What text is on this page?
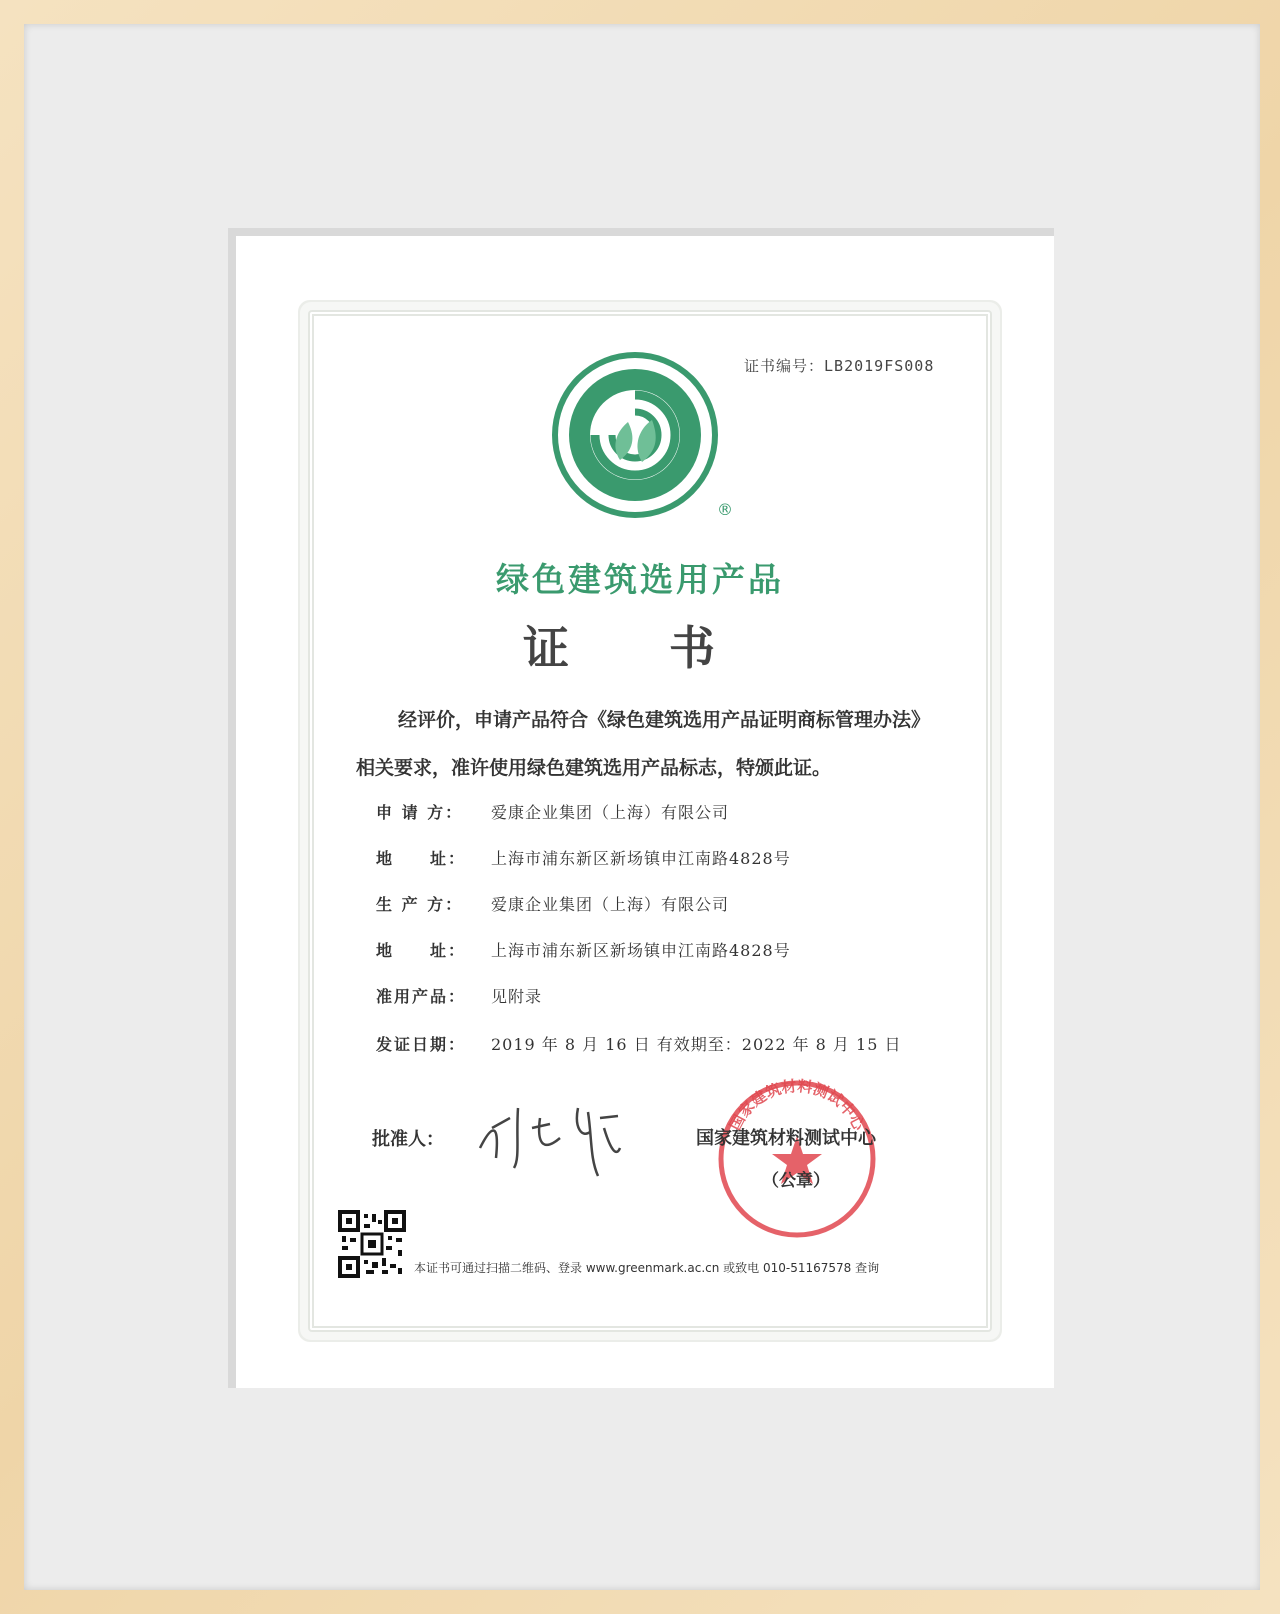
证书编号：LB2019FS008
®
绿色建筑选用产品
证 书
经评价，申请产品符合《绿色建筑选用产品证明商标管理办法》相关要求，准许使用绿色建筑选用产品标志，特颁此证。
申 请 方： 爱康企业集团（上海）有限公司
地　　址： 上海市浦东新区新场镇申江南路4828号
生 产 方： 爱康企业集团（上海）有限公司
地　　址： 上海市浦东新区新场镇申江南路4828号
准用产品： 见附录
发证日期： 2019 年 8 月 16 日 有效期至：2022 年 8 月 15 日
批准人：
国家建筑材料测试中心
国家建筑材料测试中心
（公章）
本证书可通过扫描二维码、登录 www.greenmark.ac.cn 或致电 010-51167578 查询
